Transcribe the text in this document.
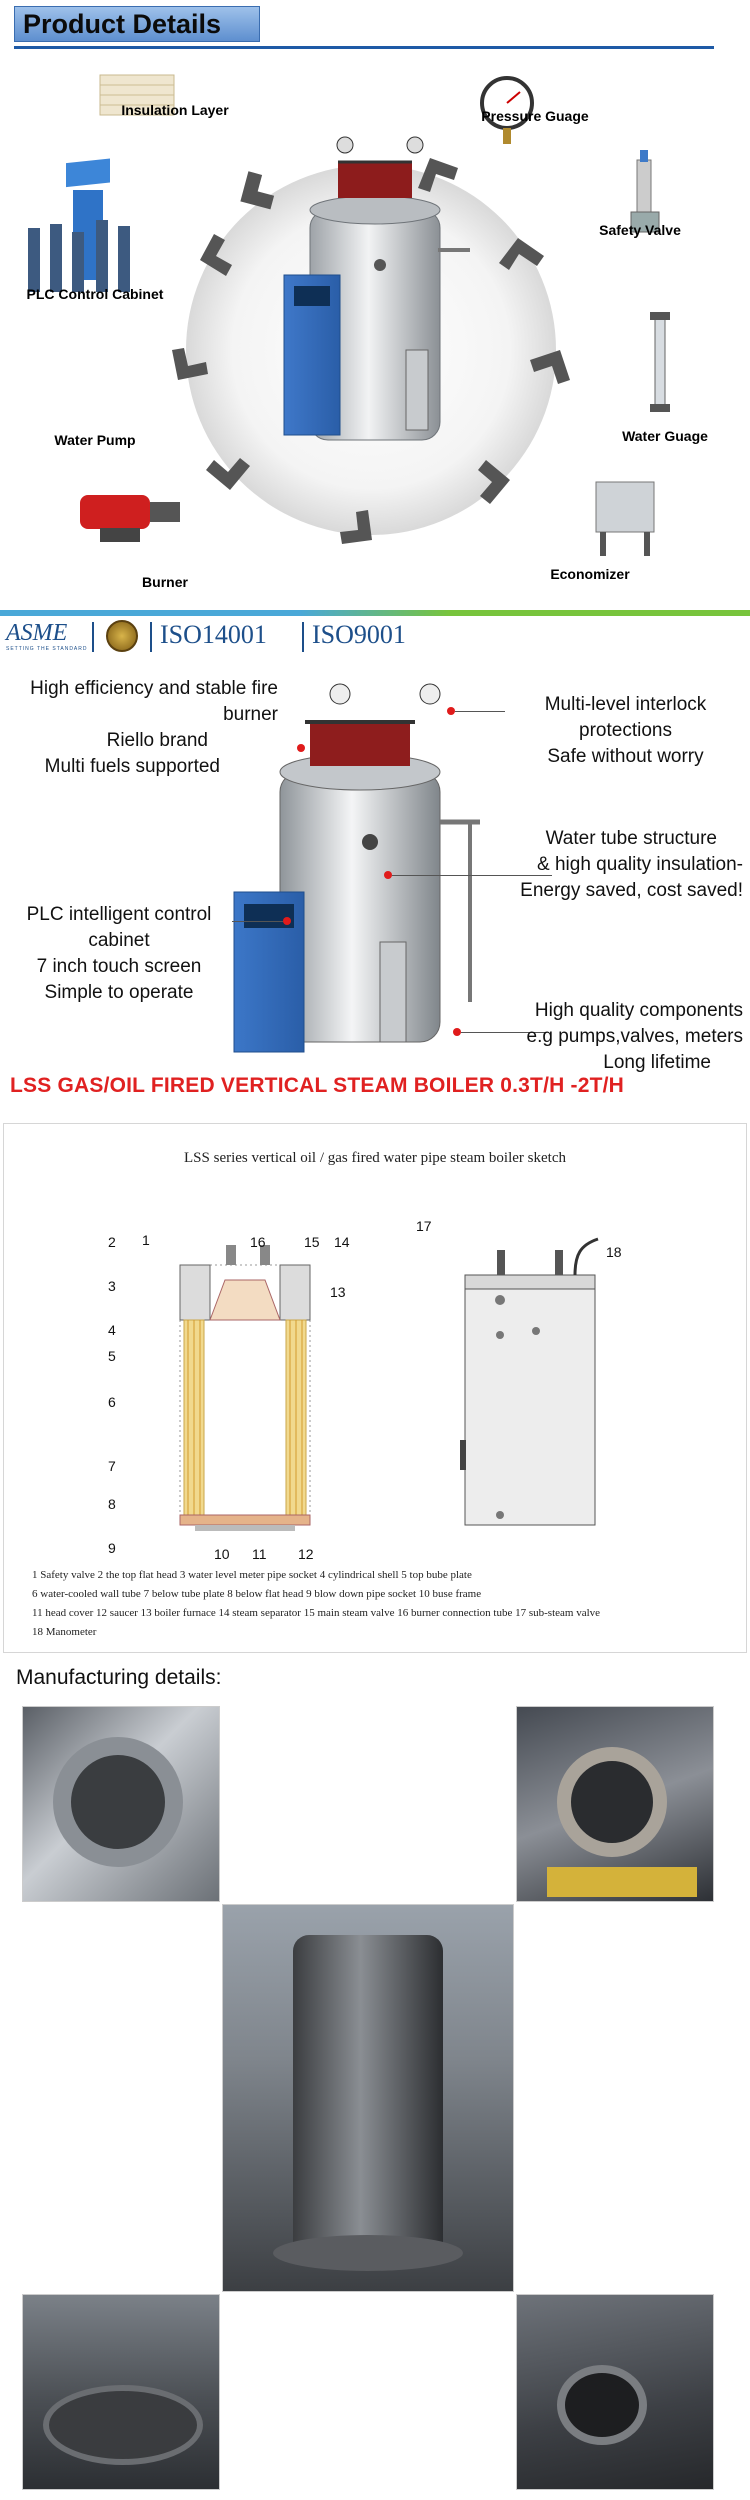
Product Details
Insulation Layer	Pressure Guage
PLC Control Cabinet
Safety Valve
Water Pump	Water Guage
Burner	Economizer
ASME
SETTING THE STANDARD	ISO14001 ISO9001
High efficiency and stable fire burner
Riello brand
Multi fuels supported
Multi-level interlock protections
Safe without worry
Water tube structure
& high quality insulation-
Energy saved, cost saved!
PLC intelligent control cabinet
7 inch touch screen
Simple to operate
High quality components
e.g pumps,valves, meters
Long lifetime
LSS GAS/OIL FIRED VERTICAL STEAM BOILER 0.3T/H -2T/H
LSS series vertical oil / gas fired water pipe steam boiler sketch
1
2
3
4
5
6
7
8
9	10 11 12
13
14
15
16
17
18
1 Safety valve 2 the top flat head 3 water level meter pipe socket 4 cylindrical shell 5 top bube plate
6 water-cooled wall tube 7 below tube plate 8 below flat head 9 blow down pipe socket 10 buse frame
11 head cover 12 saucer 13 boiler furnace 14 steam separator 15 main steam valve 16 burner connection tube 17 sub-steam valve
18 Manometer
Manufacturing details:
